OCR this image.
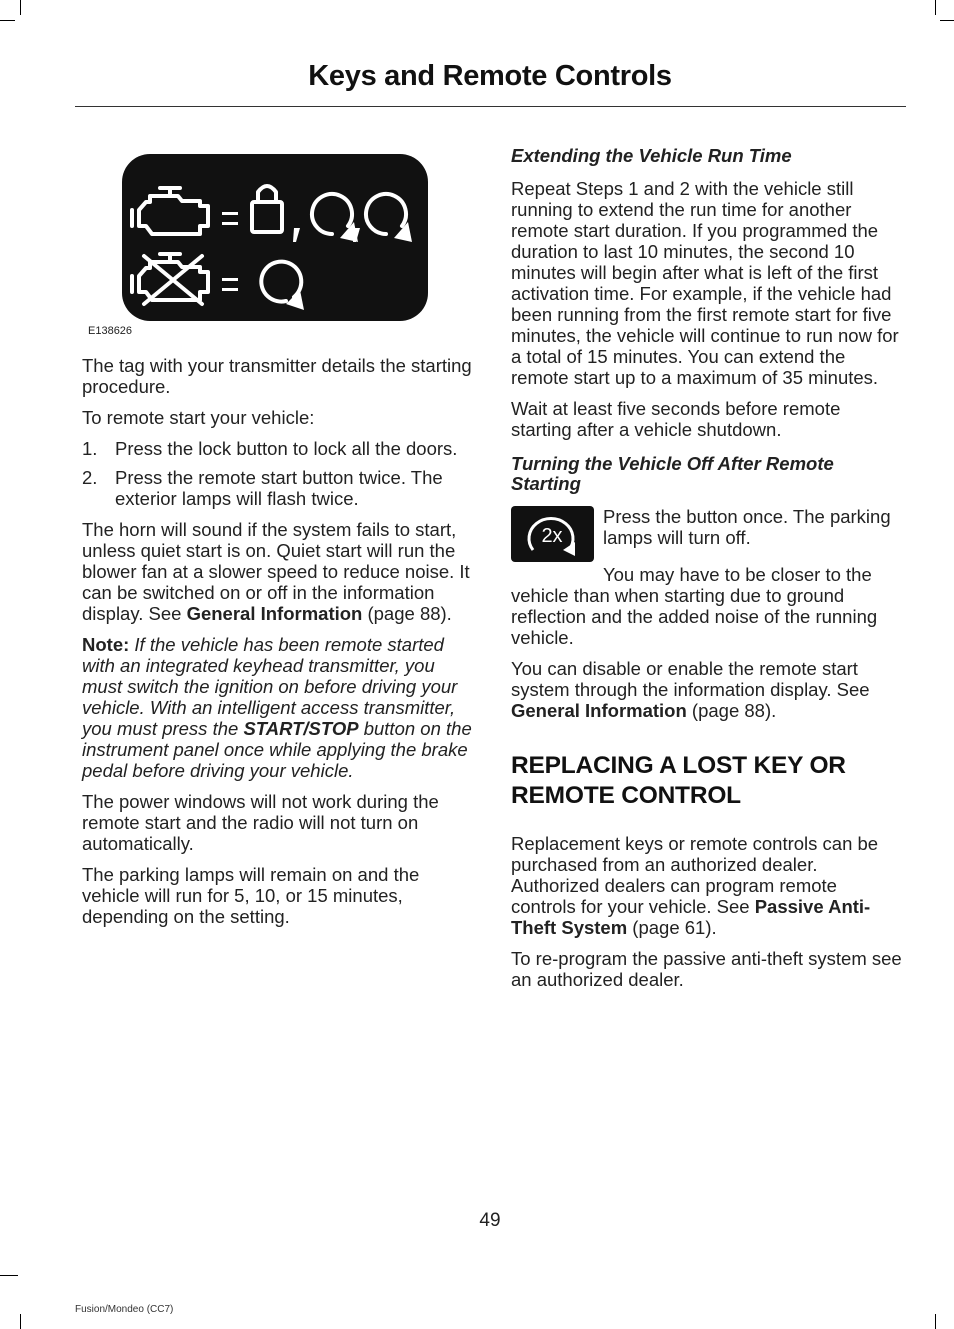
Keys and Remote Controls
E138626

The tag with your transmitter details the starting procedure.

To remote start your vehicle:

1. Press the lock button to lock all the doors.
2. Press the remote start button twice. The exterior lamps will flash twice.

The horn will sound if the system fails to start, unless quiet start is on. Quiet start will run the blower fan at a slower speed to reduce noise. It can be switched on or off in the information display. See General Information (page 88).

Note: If the vehicle has been remote started with an integrated keyhead transmitter, you must switch the ignition on before driving your vehicle. With an intelligent access transmitter, you must press the START/STOP button on the instrument panel once while applying the brake pedal before driving your vehicle.

The power windows will not work during the remote start and the radio will not turn on automatically.

The parking lamps will remain on and the vehicle will run for 5, 10, or 15 minutes, depending on the setting.

Extending the Vehicle Run Time

Repeat Steps 1 and 2 with the vehicle still running to extend the run time for another remote start duration. If you programmed the duration to last 10 minutes, the second 10 minutes will begin after what is left of the first activation time. For example, if the vehicle had been running from the first remote start for five minutes, the vehicle will continue to run now for a total of 15 minutes. You can extend the remote start up to a maximum of 35 minutes.

Wait at least five seconds before remote starting after a vehicle shutdown.

Turning the Vehicle Off After Remote Starting
2x

Press the button once. The parking lamps will turn off.

You may have to be closer to the vehicle than when starting due to ground reflection and the added noise of the running vehicle.

You can disable or enable the remote start system through the information display. See General Information (page 88).

REPLACING A LOST KEY OR REMOTE CONTROL

Replacement keys or remote controls can be purchased from an authorized dealer. Authorized dealers can program remote controls for your vehicle. See Passive Anti-Theft System (page 61).

To re-program the passive anti-theft system see an authorized dealer.

49
Fusion/Mondeo (CC7)
